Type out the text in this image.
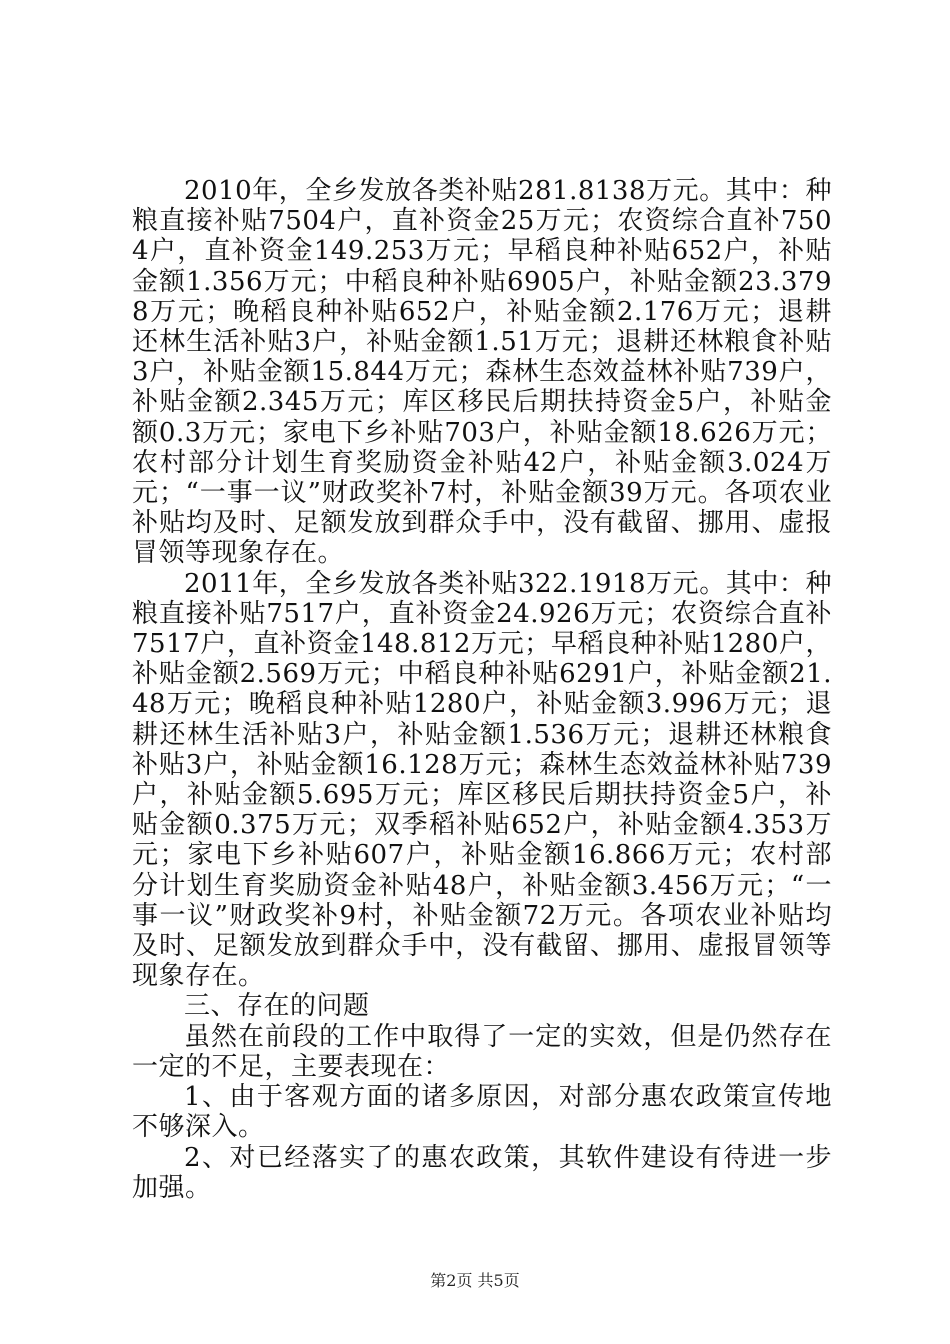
2010年，全乡发放各类补贴281.8138万元。其中：种粮直接补贴7504户，直补资金25万元；农资综合直补7504户，直补资金149.253万元；早稻良种补贴652户，补贴金额1.356万元；中稻良种补贴6905户，补贴金额23.3798万元；晚稻良种补贴652户，补贴金额2.176万元；退耕还林生活补贴3户，补贴金额1.51万元；退耕还林粮食补贴3户，补贴金额15.844万元；森林生态效益林补贴739户，补贴金额2.345万元；库区移民后期扶持资金5户，补贴金额0.3万元；家电下乡补贴703户，补贴金额18.626万元；农村部分计划生育奖励资金补贴42户，补贴金额3.024万元；“一事一议”财政奖补7村，补贴金额39万元。各项农业补贴均及时、足额发放到群众手中，没有截留、挪用、虚报冒领等现象存在。

2011年，全乡发放各类补贴322.1918万元。其中：种粮直接补贴7517户，直补资金24.926万元；农资综合直补7517户，直补资金148.812万元；早稻良种补贴1280户，补贴金额2.569万元；中稻良种补贴6291户，补贴金额21.48万元；晚稻良种补贴1280户，补贴金额3.996万元；退耕还林生活补贴3户，补贴金额1.536万元；退耕还林粮食补贴3户，补贴金额16.128万元；森林生态效益林补贴739户，补贴金额5.695万元；库区移民后期扶持资金5户，补贴金额0.375万元；双季稻补贴652户，补贴金额4.353万元；家电下乡补贴607户，补贴金额16.866万元；农村部分计划生育奖励资金补贴48户，补贴金额3.456万元；“一事一议”财政奖补9村，补贴金额72万元。各项农业补贴均及时、足额发放到群众手中，没有截留、挪用、虚报冒领等现象存在。

三、存在的问题

虽然在前段的工作中取得了一定的实效，但是仍然存在一定的不足，主要表现在：

1、由于客观方面的诸多原因，对部分惠农政策宣传地不够深入。

2、对已经落实了的惠农政策，其软件建设有待进一步加强。

第2页 共5页
